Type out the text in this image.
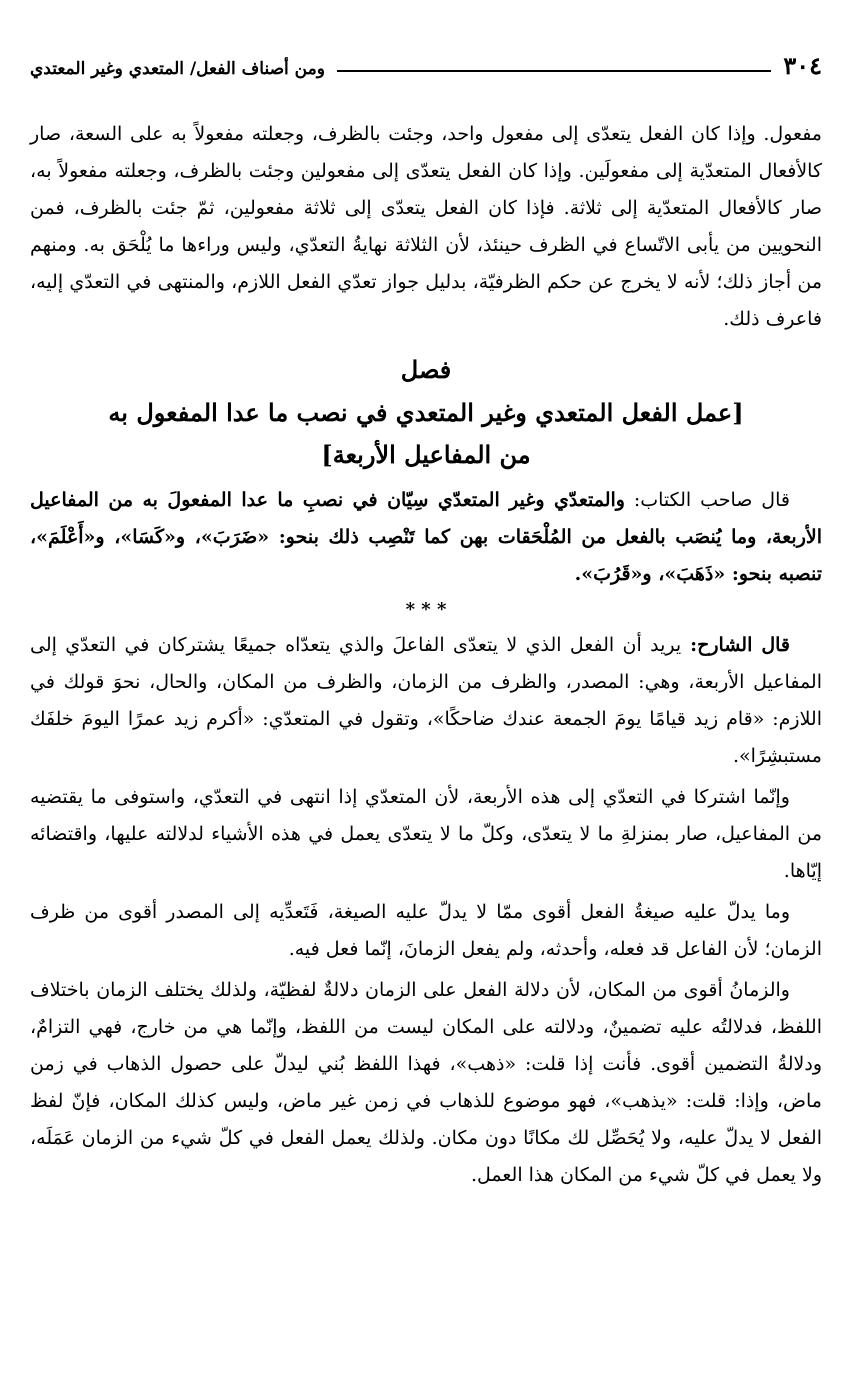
٣٠٤
ومن أصناف الفعل/ المتعدي وغير المعتدي

مفعول. وإذا كان الفعل يتعدّى إلى مفعول واحد، وجئت بالظرف، وجعلته مفعولاً به على السعة، صار كالأفعال المتعدّية إلى مفعولَين. وإذا كان الفعل يتعدّى إلى مفعولين وجئت بالظرف، وجعلته مفعولاً به، صار كالأفعال المتعدّية إلى ثلاثة. فإذا كان الفعل يتعدّى إلى ثلاثة مفعولين، ثمّ جئت بالظرف، فمن النحويين من يأبى الاتّساع في الظرف حينئذ، لأن الثلاثة نهايةُ التعدّي، وليس وراءها ما يُلْحَق به. ومنهم من أجاز ذلك؛ لأنه لا يخرج عن حكم الظرفيّة، بدليل جواز تعدّي الفعل اللازم، والمنتهى في التعدّي إليه، فاعرف ذلك.

فصل
[عمل الفعل المتعدي وغير المتعدي في نصب ما عدا المفعول به
من المفاعيل الأربعة]

قال صاحب الكتاب: والمتعدّي وغير المتعدّي سِيّان في نصبِ ما عدا المفعولَ به من المفاعيل الأربعة، وما يُنصَب بالفعل من المُلْحَقات بهن كما تَنْصِب ذلك بنحو: «ضَرَبَ»، و«كَسَا»، و«أَعْلَمَ»، تنصبه بنحو: «ذَهَبَ»، و«قَرُبَ».

* * *

قال الشارح: يريد أن الفعل الذي لا يتعدّى الفاعلَ والذي يتعدّاه جميعًا يشتركان في التعدّي إلى المفاعيل الأربعة، وهي: المصدر، والظرف من الزمان، والظرف من المكان، والحال، نحوَ قولك في اللازم: «قام زيد قيامًا يومَ الجمعة عندك ضاحكًا»، وتقول في المتعدّي: «أكرم زيد عمرًا اليومَ خلفَك مستبشِرًا».

وإنّما اشتركا في التعدّي إلى هذه الأربعة، لأن المتعدّي إذا انتهى في التعدّي، واستوفى ما يقتضيه من المفاعيل، صار بمنزلةِ ما لا يتعدّى، وكلّ ما لا يتعدّى يعمل في هذه الأشياء لدلالته عليها، واقتضائه إيّاها.

وما يدلّ عليه صيغةُ الفعل أقوى ممّا لا يدلّ عليه الصيغة، فَتَعدِّيه إلى المصدر أقوى من ظرف الزمان؛ لأن الفاعل قد فعله، وأحدثه، ولم يفعل الزمانَ، إنّما فعل فيه.

والزمانُ أقوى من المكان، لأن دلالة الفعل على الزمان دلالةٌ لفظيّة، ولذلك يختلف الزمان باختلاف اللفظ، فدلالتُه عليه تضمينٌ، ودلالته على المكان ليست من اللفظ، وإنّما هي من خارج، فهي التزامٌ، ودلالةُ التضمين أقوى. فأنت إذا قلت: «ذهب»، فهذا اللفظ بُني ليدلّ على حصول الذهاب في زمن ماض، وإذا: قلت: «يذهب»، فهو موضوع للذهاب في زمن غير ماض، وليس كذلك المكان، فإنّ لفظ الفعل لا يدلّ عليه، ولا يُحَصِّل لك مكانًا دون مكان. ولذلك يعمل الفعل في كلّ شيء من الزمان عَمَلَه، ولا يعمل في كلّ شيء من المكان هذا العمل.
